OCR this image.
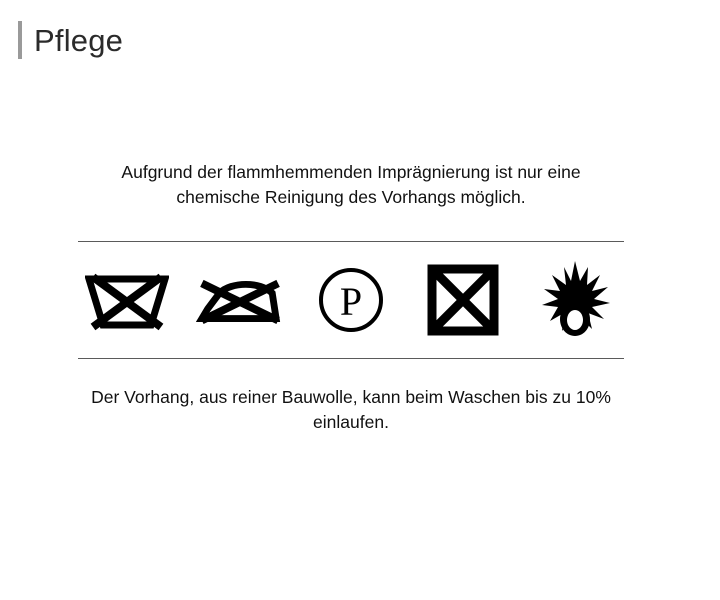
Pflege
Aufgrund der flammhemmenden Imprägnierung ist nur eine chemische Reinigung des Vorhangs möglich.
P
Der Vorhang, aus reiner Bauwolle, kann beim Waschen bis zu 10% einlaufen.
